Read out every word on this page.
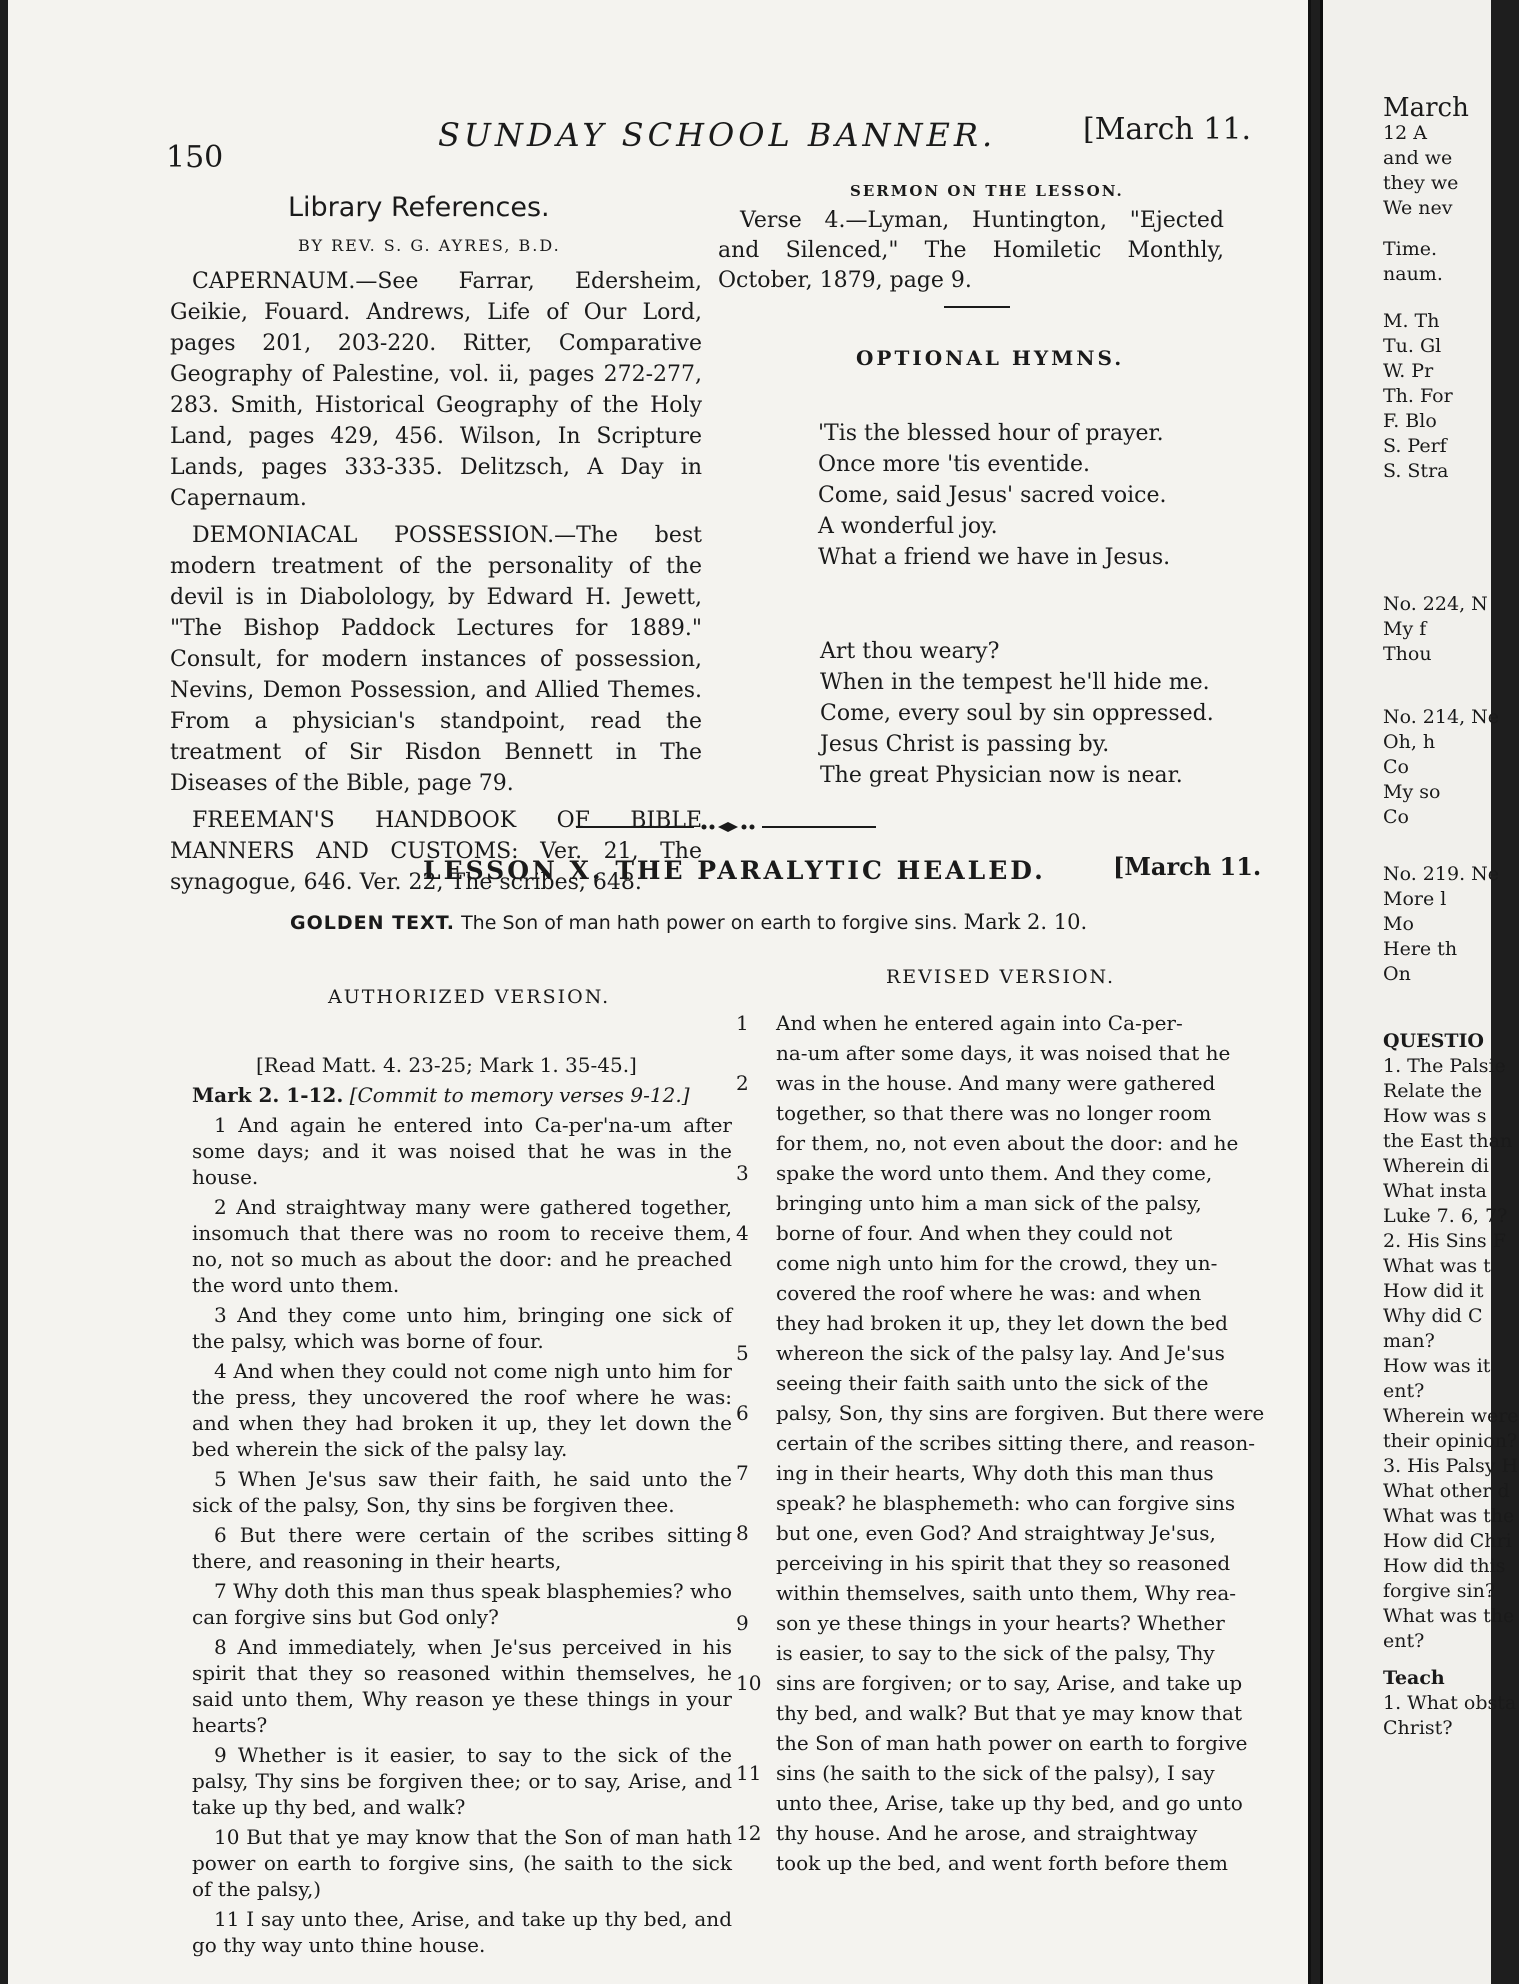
150
SUNDAY SCHOOL BANNER.	[March 11.
Library References.
BY REV. S. G. AYRES, B.D.

CAPERNAUM.—See Farrar, Edersheim, Geikie, Fouard. Andrews, Life of Our Lord, pages 201, 203-220. Ritter, Comparative Geography of Palestine, vol. ii, pages 272-277, 283. Smith, Historical Geography of the Holy Land, pages 429, 456. Wilson, In Scripture Lands, pages 333-335. Delitzsch, A Day in Capernaum.

DEMONIACAL POSSESSION.—The best modern treatment of the personality of the devil is in Diabolology, by Edward H. Jewett, "The Bishop Paddock Lectures for 1889." Consult, for modern instances of possession, Nevins, Demon Possession, and Allied Themes. From a physician's standpoint, read the treatment of Sir Risdon Bennett in The Diseases of the Bible, page 79.

FREEMAN'S HANDBOOK OF BIBLE MANNERS AND CUSTOMS: Ver. 21, The synagogue, 646. Ver. 22, The scribes, 648.

SERMON ON THE LESSON.

Verse 4.—Lyman, Huntington, "Ejected and Silenced," The Homiletic Monthly, October, 1879, page 9.

OPTIONAL HYMNS.
'Tis the blessed hour of prayer.
Once more 'tis eventide.
Come, said Jesus' sacred voice.
A wonderful joy.
What a friend we have in Jesus.
Art thou weary?
When in the tempest he'll hide me.
Come, every soul by sin oppressed.
Jesus Christ is passing by.
The great Physician now is near.
LESSON X. THE PARALYTIC HEALED.	[March 11.
GOLDEN TEXT. The Son of man hath power on earth to forgive sins. Mark 2. 10.
AUTHORIZED VERSION.
REVISED VERSION.

[Read Matt. 4. 23-25; Mark 1. 35-45.]

Mark 2. 1-12. [Commit to memory verses 9-12.]

1 And again he entered into Ca-per'na-um after some days; and it was noised that he was in the house.

2 And straightway many were gathered together, insomuch that there was no room to receive them, no, not so much as about the door: and he preached the word unto them.

3 And they come unto him, bringing one sick of the palsy, which was borne of four.

4 And when they could not come nigh unto him for the press, they uncovered the roof where he was: and when they had broken it up, they let down the bed wherein the sick of the palsy lay.

5 When Je'sus saw their faith, he said unto the sick of the palsy, Son, thy sins be forgiven thee.

6 But there were certain of the scribes sitting there, and reasoning in their hearts,

7 Why doth this man thus speak blasphemies? who can forgive sins but God only?

8 And immediately, when Je'sus perceived in his spirit that they so reasoned within themselves, he said unto them, Why reason ye these things in your hearts?

9 Whether is it easier, to say to the sick of the palsy, Thy sins be forgiven thee; or to say, Arise, and take up thy bed, and walk?

10 But that ye may know that the Son of man hath power on earth to forgive sins, (he saith to the sick of the palsy,)

11 I say unto thee, Arise, and take up thy bed, and go thy way unto thine house.

1	And when he entered again into Ca-per-
na-um after some days, it was noised that he
2	was in the house. And many were gathered
together, so that there was no longer room
for them, no, not even about the door: and he
3	spake the word unto them. And they come,
bringing unto him a man sick of the palsy,
4	borne of four. And when they could not
come nigh unto him for the crowd, they un-
covered the roof where he was: and when
they had broken it up, they let down the bed
5	whereon the sick of the palsy lay. And Je'sus
seeing their faith saith unto the sick of the
6	palsy, Son, thy sins are forgiven. But there were
certain of the scribes sitting there, and reason-
7	ing in their hearts, Why doth this man thus
speak? he blasphemeth: who can forgive sins
8	but one, even God? And straightway Je'sus,
perceiving in his spirit that they so reasoned
within themselves, saith unto them, Why rea-
9	son ye these things in your hearts? Whether
is easier, to say to the sick of the palsy, Thy
10 sins are forgiven; or to say, Arise, and take up
thy bed, and walk? But that ye may know that
the Son of man hath power on earth to forgive
11 sins (he saith to the sick of the palsy), I say
unto thee, Arise, take up thy bed, and go unto
12 thy house. And he arose, and straightway
took up the bed, and went forth before them
March
12 A
and we
they we
We nev
Time.
naum.
M. Th
Tu. Gl
W. Pr
Th. For
F. Blo
S. Perf
S. Stra
No. 224, N
My f
Thou
No. 214, Ne
Oh, h
Co
My so
Co
No. 219. Ne
More l
Mo
Here th
On
QUESTIO
1. The Palsie
Relate the
How was s
the East than
Wherein di
What insta
Luke 7. 6, 7?
2. His Sins F
What was t
How did it
Why did C
man?
How was it
ent?
Wherein were
their opinion?
3. His Palsy H
What other d
What was the
How did Chri
How did this
forgive sin?
What was the
ent?
Teach
1. What obsta
Christ?
